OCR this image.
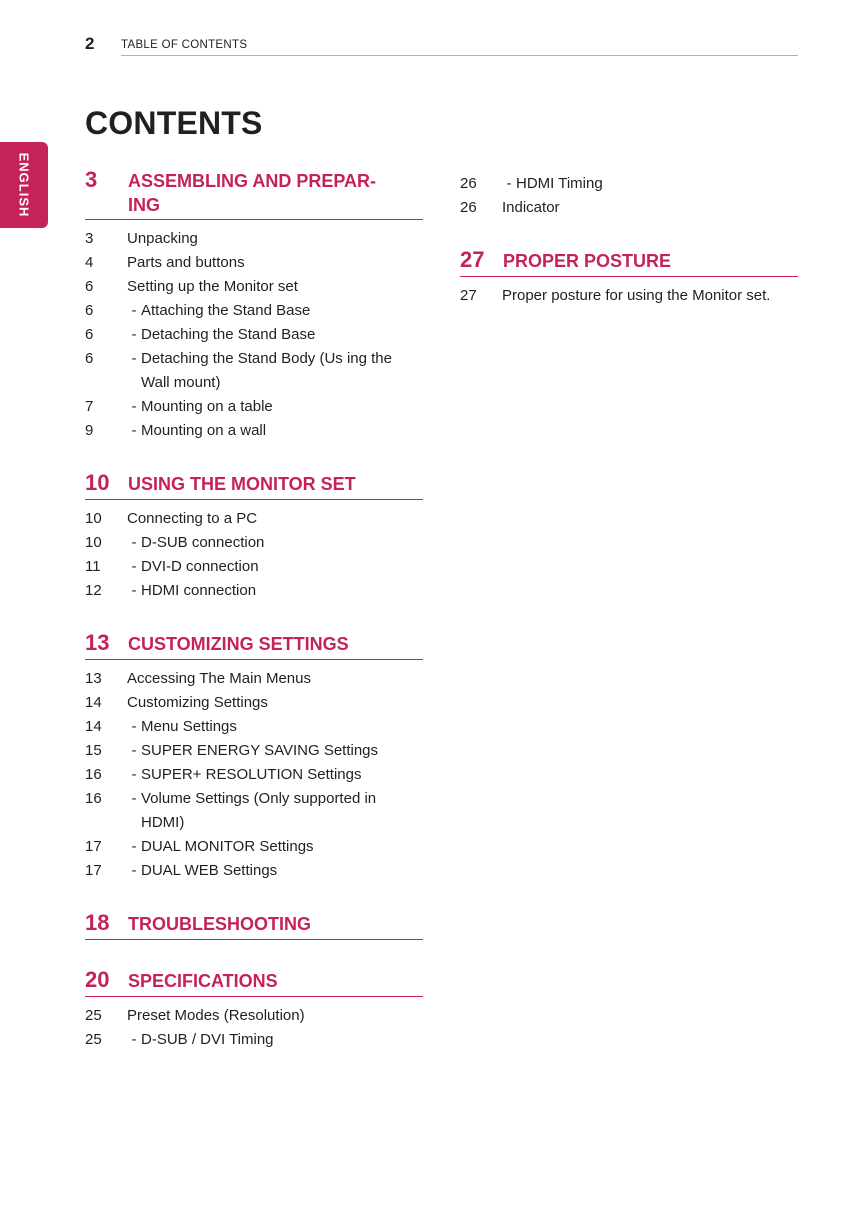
2 TABLE OF CONTENTS
ENGLISH
CONTENTS
3	ASSEMBLING AND PREPAR-
ING
3	Unpacking
4	Parts and buttons
6	Setting up the Monitor set
6	- Attaching the Stand Base
6	- Detaching the Stand Base
6	- Detaching the Stand Body (Us ing the Wall mount)
7	- Mounting on a table
9	- Mounting on a wall
10	USING THE MONITOR SET
10	Connecting to a PC
10	- D-SUB connection
11	- DVI-D connection
12	- HDMI connection
13	CUSTOMIZING SETTINGS
13	Accessing The Main Menus
14	Customizing Settings
14	- Menu Settings
15	- SUPER ENERGY SAVING Settings
16	- SUPER+ RESOLUTION Settings
16	- Volume Settings (Only supported in HDMI)
17	- DUAL MONITOR Settings
17	- DUAL WEB Settings
18	TROUBLESHOOTING
20	SPECIFICATIONS
25	Preset Modes (Resolution)
25	- D-SUB / DVI Timing
26	- HDMI Timing
26	Indicator
27	PROPER POSTURE
27	Proper posture for using the Monitor set.
